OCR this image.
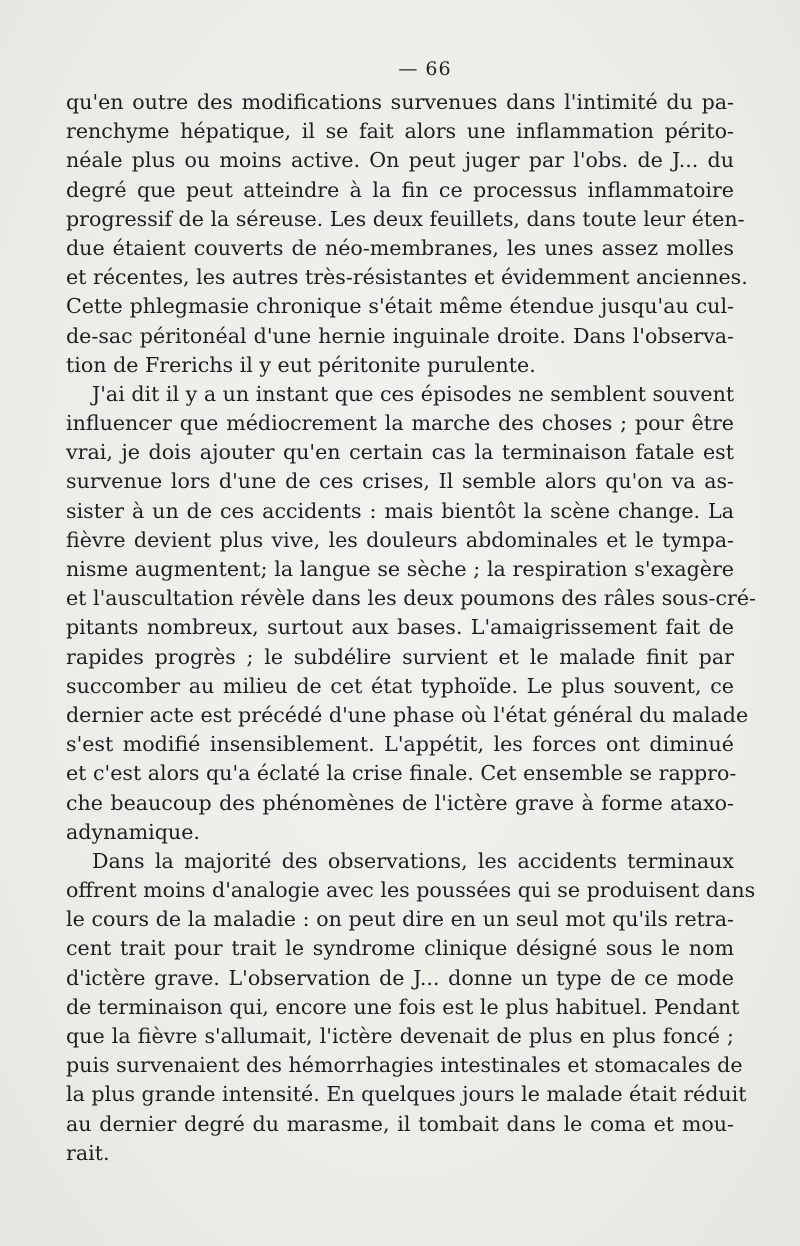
— 66
qu'en outre des modifications survenues dans l'intimité du pa-
renchyme hépatique, il se fait alors une inflammation périto-
néale plus ou moins active. On peut juger par l'obs. de J... du
degré que peut atteindre à la fin ce processus inflammatoire
progressif de la séreuse. Les deux feuillets, dans toute leur éten-
due étaient couverts de néo-membranes, les unes assez molles
et récentes, les autres très-résistantes et évidemment anciennes.
Cette phlegmasie chronique s'était même étendue jusqu'au cul-
de-sac péritonéal d'une hernie inguinale droite. Dans l'observa-
tion de Frerichs il y eut péritonite purulente.
J'ai dit il y a un instant que ces épisodes ne semblent souvent
influencer que médiocrement la marche des choses ; pour être
vrai, je dois ajouter qu'en certain cas la terminaison fatale est
survenue lors d'une de ces crises, Il semble alors qu'on va as-
sister à un de ces accidents : mais bientôt la scène change. La
fièvre devient plus vive, les douleurs abdominales et le tympa-
nisme augmentent; la langue se sèche ; la respiration s'exagère
et l'auscultation révèle dans les deux poumons des râles sous-cré-
pitants nombreux, surtout aux bases. L'amaigrissement fait de
rapides progrès ; le subdélire survient et le malade finit par
succomber au milieu de cet état typhoïde. Le plus souvent, ce
dernier acte est précédé d'une phase où l'état général du malade
s'est modifié insensiblement. L'appétit, les forces ont diminué
et c'est alors qu'a éclaté la crise finale. Cet ensemble se rappro-
che beaucoup des phénomènes de l'ictère grave à forme ataxo-
adynamique.
Dans la majorité des observations, les accidents terminaux
offrent moins d'analogie avec les poussées qui se produisent dans
le cours de la maladie : on peut dire en un seul mot qu'ils retra-
cent trait pour trait le syndrome clinique désigné sous le nom
d'ictère grave. L'observation de J... donne un type de ce mode
de terminaison qui, encore une fois est le plus habituel. Pendant
que la fièvre s'allumait, l'ictère devenait de plus en plus foncé ;
puis survenaient des hémorrhagies intestinales et stomacales de
la plus grande intensité. En quelques jours le malade était réduit
au dernier degré du marasme, il tombait dans le coma et mou-
rait.
